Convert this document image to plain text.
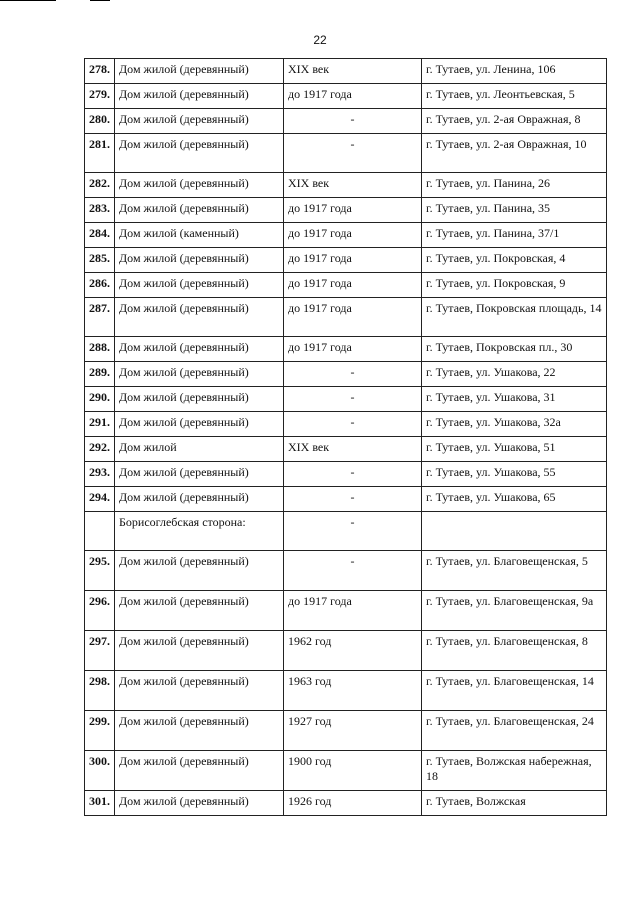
22
278.	Дом жилой (деревянный)	XIX век	г. Тутаев, ул. Ленина, 106
279.	Дом жилой (деревянный)	до 1917 года	г. Тутаев, ул. Леонтьевская, 5
280.	Дом жилой (деревянный)	-	г. Тутаев, ул. 2-ая Овражная, 8
281.	Дом жилой (деревянный)	-	г. Тутаев, ул. 2-ая Овражная, 10
282.	Дом жилой (деревянный)	XIX век	г. Тутаев, ул. Панина, 26
283.	Дом жилой (деревянный)	до 1917 года	г. Тутаев, ул. Панина, 35
284.	Дом жилой (каменный)	до 1917 года	г. Тутаев, ул. Панина, 37/1
285.	Дом жилой (деревянный)	до 1917 года	г. Тутаев, ул. Покровская, 4
286.	Дом жилой (деревянный)	до 1917 года	г. Тутаев, ул. Покровская, 9
287.	Дом жилой (деревянный)	до 1917 года	г. Тутаев, Покровская площадь, 14
288.	Дом жилой (деревянный)	до 1917 года	г. Тутаев, Покровская пл., 30
289.	Дом жилой (деревянный)	-	г. Тутаев, ул. Ушакова, 22
290.	Дом жилой (деревянный)	-	г. Тутаев, ул. Ушакова, 31
291.	Дом жилой (деревянный)	-	г. Тутаев, ул. Ушакова, 32а
292.	Дом жилой	XIX век	г. Тутаев, ул. Ушакова, 51
293.	Дом жилой (деревянный)	-	г. Тутаев, ул. Ушакова, 55
294.	Дом жилой (деревянный)	-	г. Тутаев, ул. Ушакова, 65
	Борисоглебская сторона:	-	
295.	Дом жилой (деревянный)	-	г. Тутаев, ул. Благовещенская, 5
296.	Дом жилой (деревянный)	до 1917 года	г. Тутаев, ул. Благовещенская, 9а
297.	Дом жилой (деревянный)	1962 год	г. Тутаев, ул. Благовещенская, 8
298.	Дом жилой (деревянный)	1963 год	г. Тутаев, ул. Благовещенская, 14
299.	Дом жилой (деревянный)	1927 год	г. Тутаев, ул. Благовещенская, 24
300.	Дом жилой (деревянный)	1900 год	г. Тутаев, Волжская набережная, 18
301.	Дом жилой (деревянный)	1926 год	г. Тутаев, Волжская
